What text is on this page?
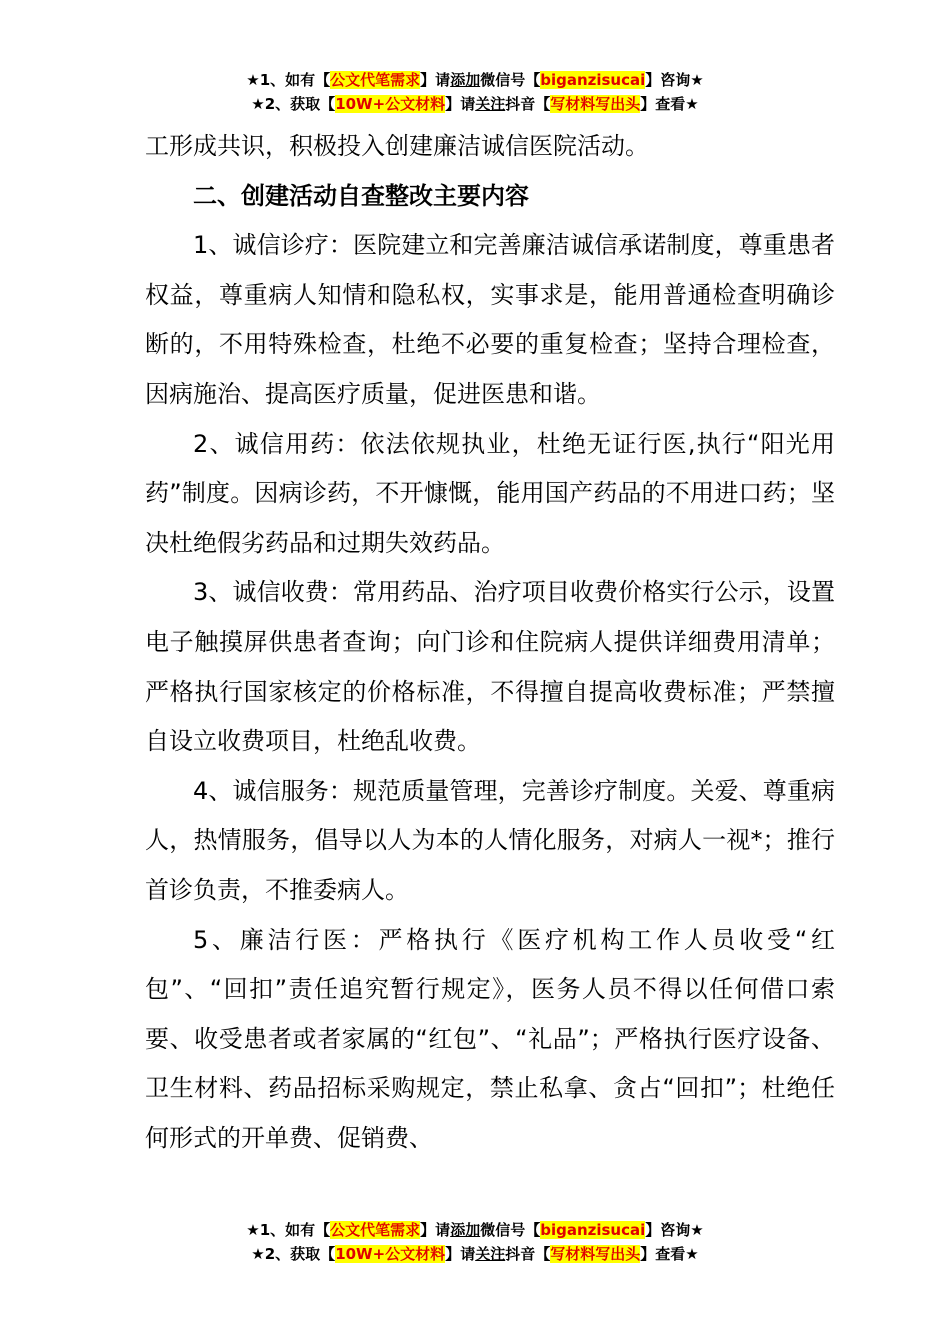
★1、如有【公文代笔需求】请添加微信号【biganzisucai】咨询★
★2、获取【10W+公文材料】请关注抖音【写材料写出头】查看★

工形成共识，积极投入创建廉洁诚信医院活动。

二、创建活动自查整改主要内容

1、诚信诊疗：医院建立和完善廉洁诚信承诺制度，尊重患者权益，尊重病人知情和隐私权，实事求是，能用普通检查明确诊断的，不用特殊检查，杜绝不必要的重复检查；坚持合理检查，因病施治、提高医疗质量，促进医患和谐。

2、诚信用药：依法依规执业，杜绝无证行医,执行“阳光用药”制度。因病诊药，不开慷慨，能用国产药品的不用进口药；坚决杜绝假劣药品和过期失效药品。

3、诚信收费：常用药品、治疗项目收费价格实行公示，设置电子触摸屏供患者查询；向门诊和住院病人提供详细费用清单；严格执行国家核定的价格标准，不得擅自提高收费标准；严禁擅自设立收费项目，杜绝乱收费。

4、诚信服务：规范质量管理，完善诊疗制度。关爱、尊重病人，热情服务，倡导以人为本的人情化服务，对病人一视*；推行首诊负责，不推委病人。

5、廉洁行医：严格执行《医疗机构工作人员收受“红包”、“回扣”责任追究暂行规定》，医务人员不得以任何借口索要、收受患者或者家属的“红包”、“礼品”；严格执行医疗设备、卫生材料、药品招标采购规定，禁止私拿、贪占“回扣”；杜绝任何形式的开单费、促销费、

★1、如有【公文代笔需求】请添加微信号【biganzisucai】咨询★
★2、获取【10W+公文材料】请关注抖音【写材料写出头】查看★
